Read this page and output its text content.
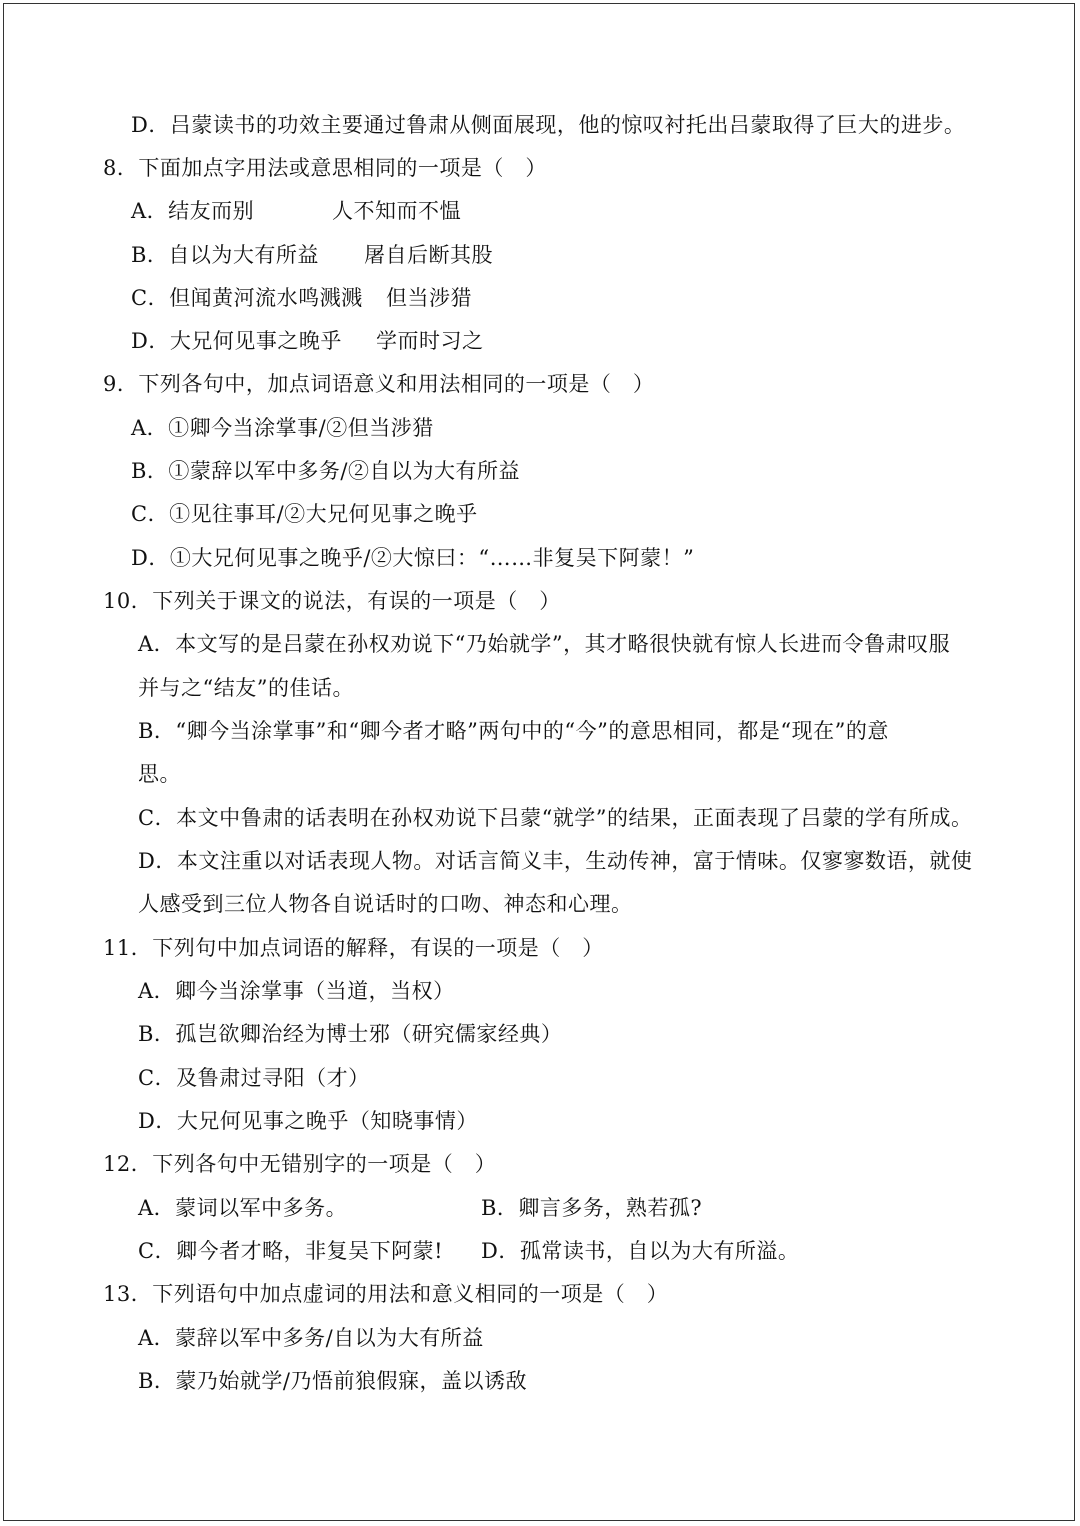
D．吕蒙读书的功效主要通过鲁肃从侧面展现，他的惊叹衬托出吕蒙取得了巨大的进步。
8．下面加点字用法或意思相同的一项是（　）
A．结友而别	人不知而不愠
B．自以为大有所益 屠自后断其股
C．但闻黄河流水鸣溅溅 但当涉猎
D．大兄何见事之晚乎 学而时习之
9．下列各句中，加点词语意义和用法相同的一项是（　）
A．①卿今当涂掌事/②但当涉猎
B．①蒙辞以军中多务/②自以为大有所益
C．①见往事耳/②大兄何见事之晚乎
D．①大兄何见事之晚乎/②大惊曰：“……非复吴下阿蒙！”
10．下列关于课文的说法，有误的一项是（　）
A．本文写的是吕蒙在孙权劝说下“乃始就学”，其才略很快就有惊人长进而令鲁肃叹服
并与之“结友”的佳话。
B．“卿今当涂掌事”和“卿今者才略”两句中的“今”的意思相同，都是“现在”的意
思。
C．本文中鲁肃的话表明在孙权劝说下吕蒙“就学”的结果，正面表现了吕蒙的学有所成。
D．本文注重以对话表现人物。对话言简义丰，生动传神，富于情味。仅寥寥数语，就使
人感受到三位人物各自说话时的口吻、神态和心理。
11．下列句中加点词语的解释，有误的一项是（　）
A．卿今当涂掌事（当道，当权）
B．孤岂欲卿治经为博士邪（研究儒家经典）
C．及鲁肃过寻阳（才）
D．大兄何见事之晚乎（知晓事情）
12．下列各句中无错别字的一项是（　）
A．蒙词以军中多务。	B．卿言多务，熟若孤?
C．卿今者才略，非复吴下阿蒙! D．孤常读书，自以为大有所溢。
13．下列语句中加点虚词的用法和意义相同的一项是（　）
A．蒙辞以军中多务/自以为大有所益
B．蒙乃始就学/乃悟前狼假寐，盖以诱敌
